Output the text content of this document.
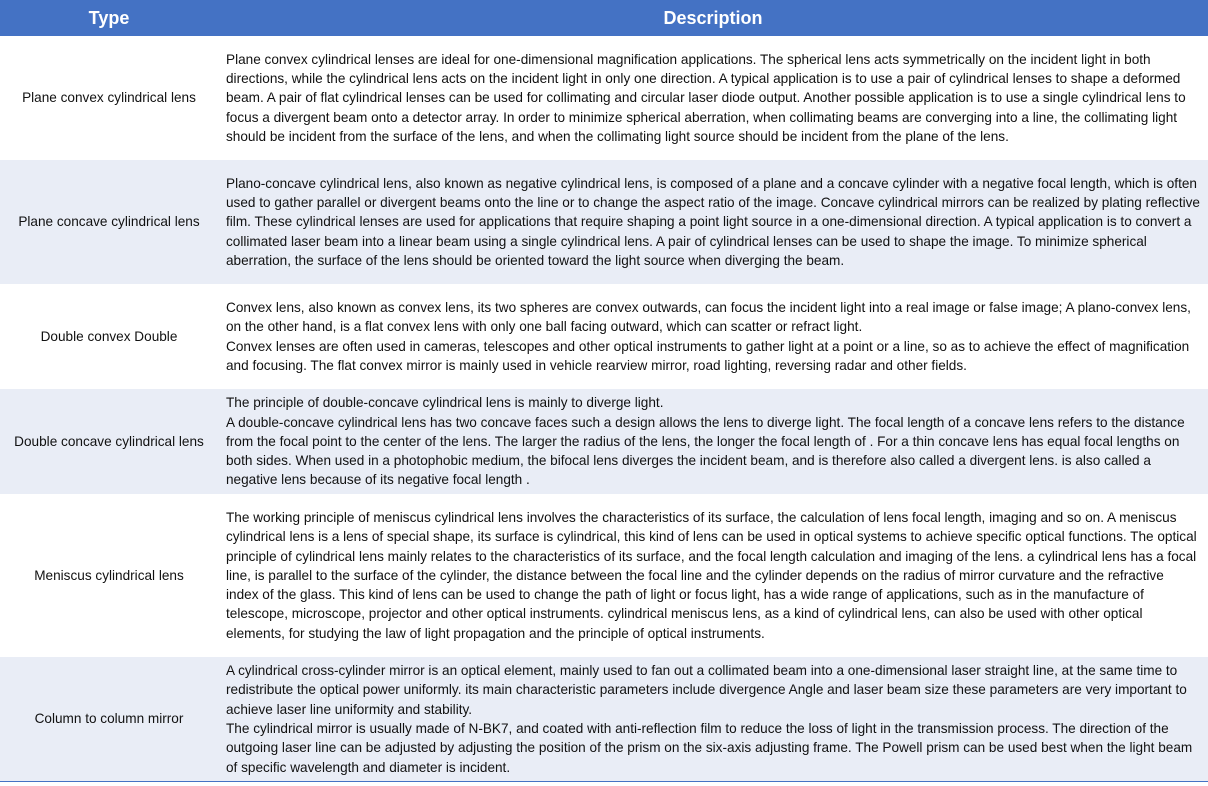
Type	Description
Plane convex cylindrical lens	Plane convex cylindrical lenses are ideal for one-dimensional magnification applications. The spherical lens acts symmetrically on the incident light in both directions, while the cylindrical lens acts on the incident light in only one direction. A typical application is to use a pair of cylindrical lenses to shape a deformed beam. A pair of flat cylindrical lenses can be used for collimating and circular laser diode output. Another possible application is to use a single cylindrical lens to focus a divergent beam onto a detector array. In order to minimize spherical aberration, when collimating beams are converging into a line, the collimating light should be incident from the surface of the lens, and when the collimating light source should be incident from the plane of the lens.

Plane concave cylindrical lens	Plano-concave cylindrical lens, also known as negative cylindrical lens, is composed of a plane and a concave cylinder with a negative focal length, which is often used to gather parallel or divergent beams onto the line or to change the aspect ratio of the image. Concave cylindrical mirrors can be realized by plating reflective film. These cylindrical lenses are used for applications that require shaping a point light source in a one-dimensional direction. A typical application is to convert a collimated laser beam into a linear beam using a single cylindrical lens. A pair of cylindrical lenses can be used to shape the image. To minimize spherical aberration, the surface of the lens should be oriented toward the light source when diverging the beam.

Double convex Double	Convex lens, also known as convex lens, its two spheres are convex outwards, can focus the incident light into a real image or false image; A plano-convex lens, on the other hand, is a flat convex lens with only one ball facing outward, which can scatter or refract light.
Convex lenses are often used in cameras, telescopes and other optical instruments to gather light at a point or a line, so as to achieve the effect of magnification and focusing. The flat convex mirror is mainly used in vehicle rearview mirror, road lighting, reversing radar and other fields.

Double concave cylindrical lens	The principle of double-concave cylindrical lens is mainly to diverge light.
A double-concave cylindrical lens has two concave faces such a design allows the lens to diverge light. The focal length of a concave lens refers to the distance from the focal point to the center of the lens. The larger the radius of the lens, the longer the focal length of . For a thin concave lens has equal focal lengths on both sides. When used in a photophobic medium, the bifocal lens diverges the incident beam, and is therefore also called a divergent lens. is also called a negative lens because of its negative focal length .

Meniscus cylindrical lens	The working principle of meniscus cylindrical lens involves the characteristics of its surface, the calculation of lens focal length, imaging and so on. A meniscus cylindrical lens is a lens of special shape, its surface is cylindrical, this kind of lens can be used in optical systems to achieve specific optical functions. The optical principle of cylindrical lens mainly relates to the characteristics of its surface, and the focal length calculation and imaging of the lens. a cylindrical lens has a focal line, is parallel to the surface of the cylinder, the distance between the focal line and the cylinder depends on the radius of mirror curvature and the refractive index of the glass. This kind of lens can be used to change the path of light or focus light, has a wide range of applications, such as in the manufacture of telescope, microscope, projector and other optical instruments. cylindrical meniscus lens, as a kind of cylindrical lens, can also be used with other optical elements, for studying the law of light propagation and the principle of optical instruments.

Column to column mirror	A cylindrical cross-cylinder mirror is an optical element, mainly used to fan out a collimated beam into a one-dimensional laser straight line, at the same time to redistribute the optical power uniformly. its main characteristic parameters include divergence Angle and laser beam size these parameters are very important to achieve laser line uniformity and stability.
The cylindrical mirror is usually made of N-BK7, and coated with anti-reflection film to reduce the loss of light in the transmission process. The direction of the outgoing laser line can be adjusted by adjusting the position of the prism on the six-axis adjusting frame. The Powell prism can be used best when the light beam of specific wavelength and diameter is incident.
